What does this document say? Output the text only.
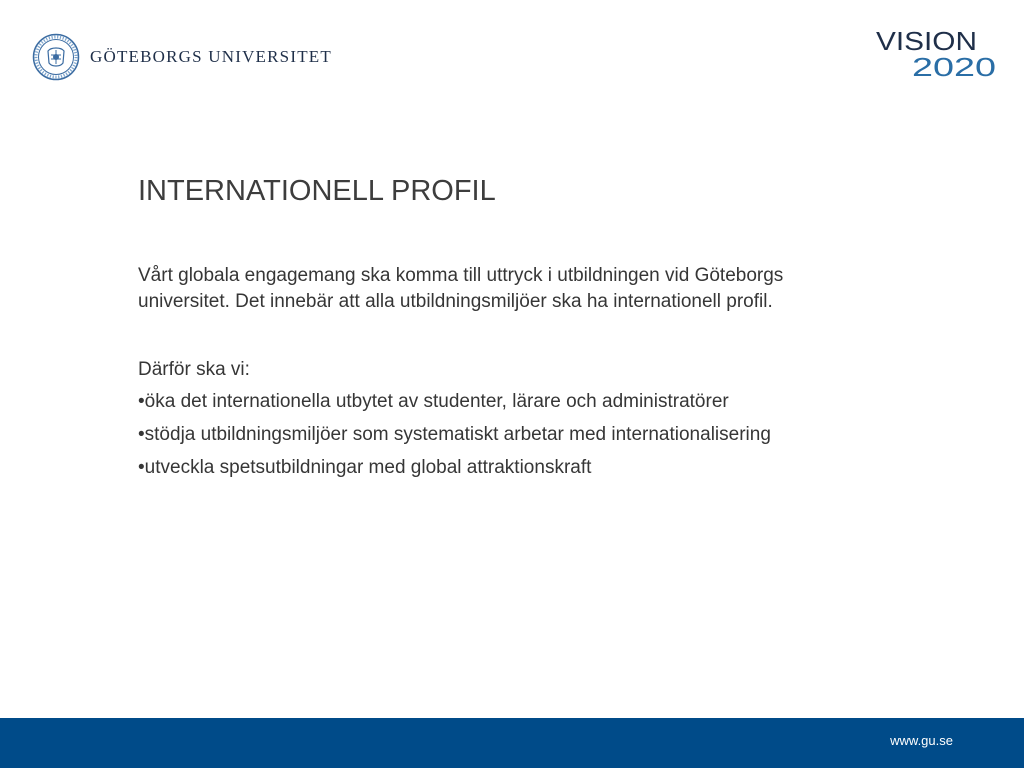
GÖTEBORGS UNIVERSITET
VISION
2020
INTERNATIONELL PROFIL

Vårt globala engagemang ska komma till uttryck i utbildningen vid Göteborgs universitet. Det innebär att alla utbildningsmiljöer ska ha internationell profil.

Därför ska vi:

•öka det internationella utbytet av studenter, lärare och administratörer
•stödja utbildningsmiljöer som systematiskt arbetar med internationalisering
•utveckla spetsutbildningar med global attraktionskraft
www.gu.se
